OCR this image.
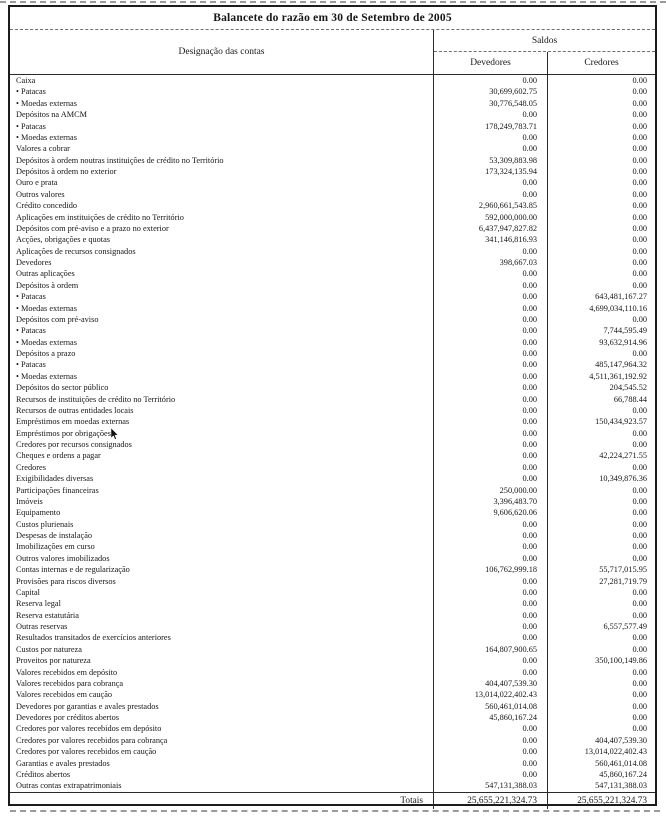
Balancete do razão em 30 de Setembro de 2005
Designação das contas
Saldos
Devedores	Credores
Caixa	0.00	0.00
• Patacas	30,699,602.75	0.00
• Moedas externas	30,776,548.05	0.00
Depósitos na AMCM	0.00	0.00
• Patacas	178,249,783.71	0.00
• Moedas externas	0.00	0.00
Valores a cobrar	0.00	0.00
Depósitos à ordem noutras instituições de crédito no Território	53,309,883.98	0.00
Depósitos à ordem no exterior	173,324,135.94	0.00
Ouro e prata	0.00	0.00
Outros valores	0.00	0.00
Crédito concedido	2,960,661,543.85	0.00
Aplicações em instituições de crédito no Território	592,000,000.00	0.00
Depósitos com pré-aviso e a prazo no exterior	6,437,947,827.82	0.00
Acções, obrigações e quotas	341,146,816.93	0.00
Aplicações de recursos consignados	0.00	0.00
Devedores	398,667.03	0.00
Outras aplicações	0.00	0.00
Depósitos à ordem	0.00	0.00
• Patacas	0.00	643,481,167.27
• Moedas externas	0.00	4,699,034,110.16
Depósitos com pré-aviso	0.00	0.00
• Patacas	0.00	7,744,595.49
• Moedas externas	0.00	93,632,914.96
Depósitos a prazo	0.00	0.00
• Patacas	0.00	485,147,964.32
• Moedas externas	0.00	4,511,361,192.92
Depósitos do sector público	0.00	204,545.52
Recursos de instituições de crédito no Território	0.00	66,788.44
Recursos de outras entidades locais	0.00	0.00
Empréstimos em moedas externas	0.00	150,434,923.57
Empréstimos por obrigações	0.00	0.00
Credores por recursos consignados	0.00	0.00
Cheques e ordens a pagar	0.00	42,224,271.55
Credores	0.00	0.00
Exigibilidades diversas	0.00	10,349,876.36
Participações financeiras	250,000.00	0.00
Imóveis	3,396,483.70	0.00
Equipamento	9,606,620.06	0.00
Custos plurienais	0.00	0.00
Despesas de instalação	0.00	0.00
Imobilizações em curso	0.00	0.00
Outros valores imobilizados	0.00	0.00
Contas internas e de regularização	106,762,999.18	55,717,015.95
Provisões para riscos diversos	0.00	27,281,719.79
Capital	0.00	0.00
Reserva legal	0.00	0.00
Reserva estatutária	0.00	0.00
Outras reservas	0.00	6,557,577.49
Resultados transitados de exercícios anteriores	0.00	0.00
Custos por natureza	164,807,900.65	0.00
Proveitos por natureza	0.00	350,100,149.86
Valores recebidos em depósito	0.00	0.00
Valores recebidos para cobrança	404,407,539.30	0.00
Valores recebidos em caução	13,014,022,402.43	0.00
Devedores por garantias e avales prestados	560,461,014.08	0.00
Devedores por créditos abertos	45,860,167.24	0.00
Credores por valores recebidos em depósito	0.00	0.00
Credores por valores recebidos para cobrança	0.00	404,407,539.30
Credores por valores recebidos em caução	0.00	13,014,022,402.43
Garantias e avales prestados	0.00	560,461,014.08
Créditos abertos	0.00	45,860,167.24
Outras contas extrapatrimoniais	547,131,388.03	547,131,388.03
Totais	25,655,221,324.73	25,655,221,324.73
